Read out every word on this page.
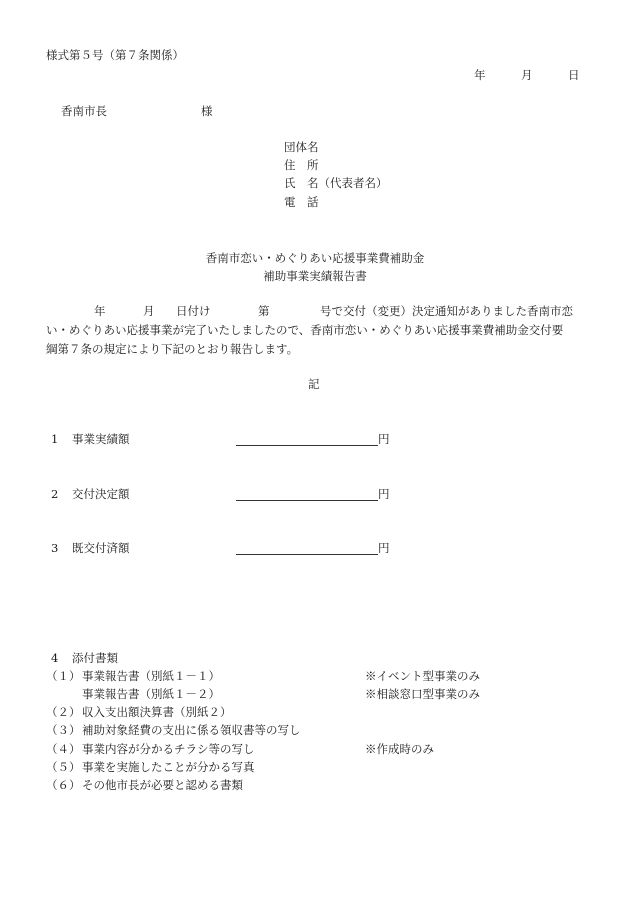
様式第５号（第７条関係）
年	月	日
香南市長	様
団体名
住　所
氏　名（代表者名）
電　話
香南市恋い・めぐりあい応援事業費補助金
補助事業実績報告書
年	月 日付け	第	号で交付（変更）決定通知がありました香南市恋
い・めぐりあい応援事業が完了いたしましたので、香南市恋い・めぐりあい応援事業費補助金交付要
綱第７条の規定により下記のとおり報告します。
記
1 事業実績額	円
2 交付決定額	円
3 既交付済額	円
4 添付書類
（１） 事業報告書（別紙１－１）	※イベント型事業のみ
事業報告書（別紙１－２）	※相談窓口型事業のみ
（２） 収入支出額決算書（別紙２）
（３） 補助対象経費の支出に係る領収書等の写し
（４） 事業内容が分かるチラシ等の写し	※作成時のみ
（５） 事業を実施したことが分かる写真
（６） その他市長が必要と認める書類
